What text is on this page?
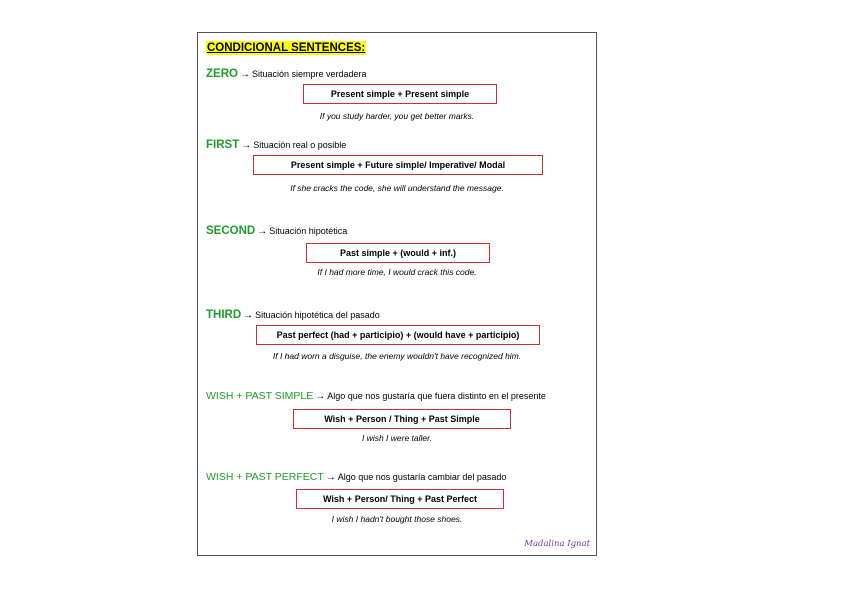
CONDICIONAL SENTENCES:
ZERO → Situación siempre verdadera
Present simple + Present simple
If you study harder, you get better marks.
FIRST → Situación real o posible
Present simple + Future simple/ Imperative/ Modal
If she cracks the code, she will understand the message.
SECOND → Situación hipotética
Past simple + (would + inf.)
If I had more time, I would crack this code.
THIRD → Situación hipotética del pasado
Past perfect (had + participio) + (would have + participio)
If I had worn a disguise, the enemy wouldn't have recognized him.
WISH + PAST SIMPLE → Algo que nos gustaría que fuera distinto en el presente
Wish + Person / Thing + Past Simple
I wish I were taller.
WISH + PAST PERFECT → Algo que nos gustaría cambiar del pasado
Wish + Person/ Thing + Past Perfect
I wish I hadn't bought those shoes.
Madalina Ignat
